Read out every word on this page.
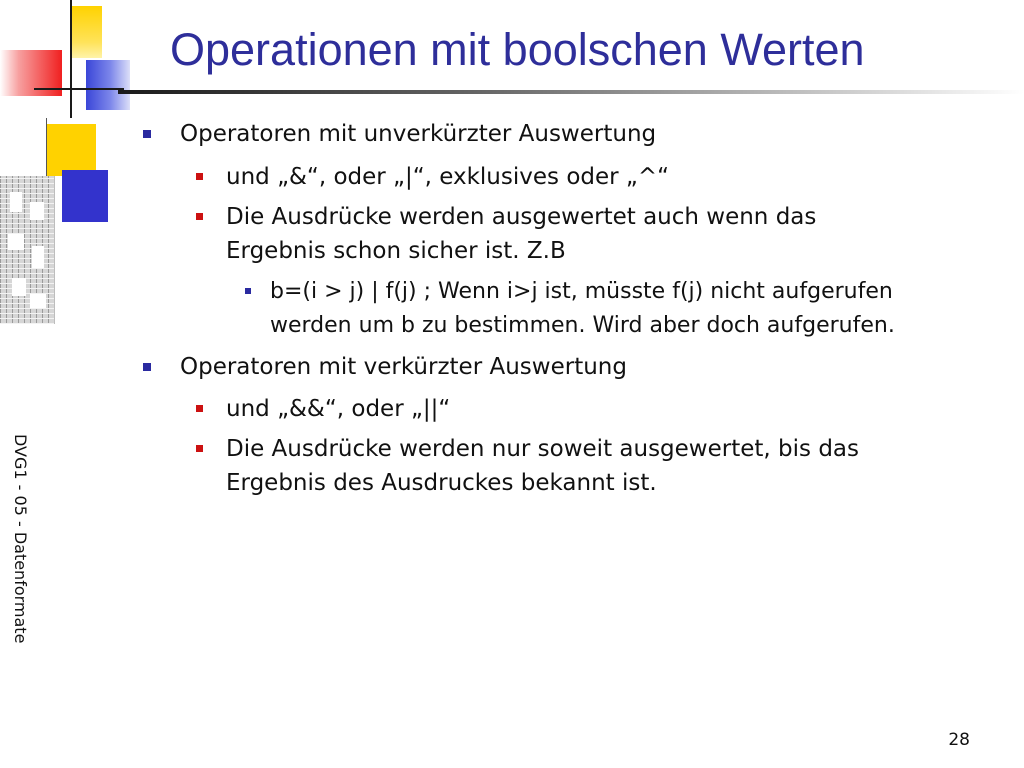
Operationen mit boolschen Werten
Operatoren mit unverkürzter Auswertung
und „&“, oder „|“, exklusives oder „^“
Die Ausdrücke werden ausgewertet auch wenn das
Ergebnis schon sicher ist. Z.B
b=(i > j) | f(j) ; Wenn i>j ist, müsste f(j) nicht aufgerufen
werden um b zu bestimmen. Wird aber doch aufgerufen.
Operatoren mit verkürzter Auswertung
und „&&“, oder „||“
Die Ausdrücke werden nur soweit ausgewertet, bis das
Ergebnis des Ausdruckes bekannt ist.
DVG1 - 05 - Datenformate
28
